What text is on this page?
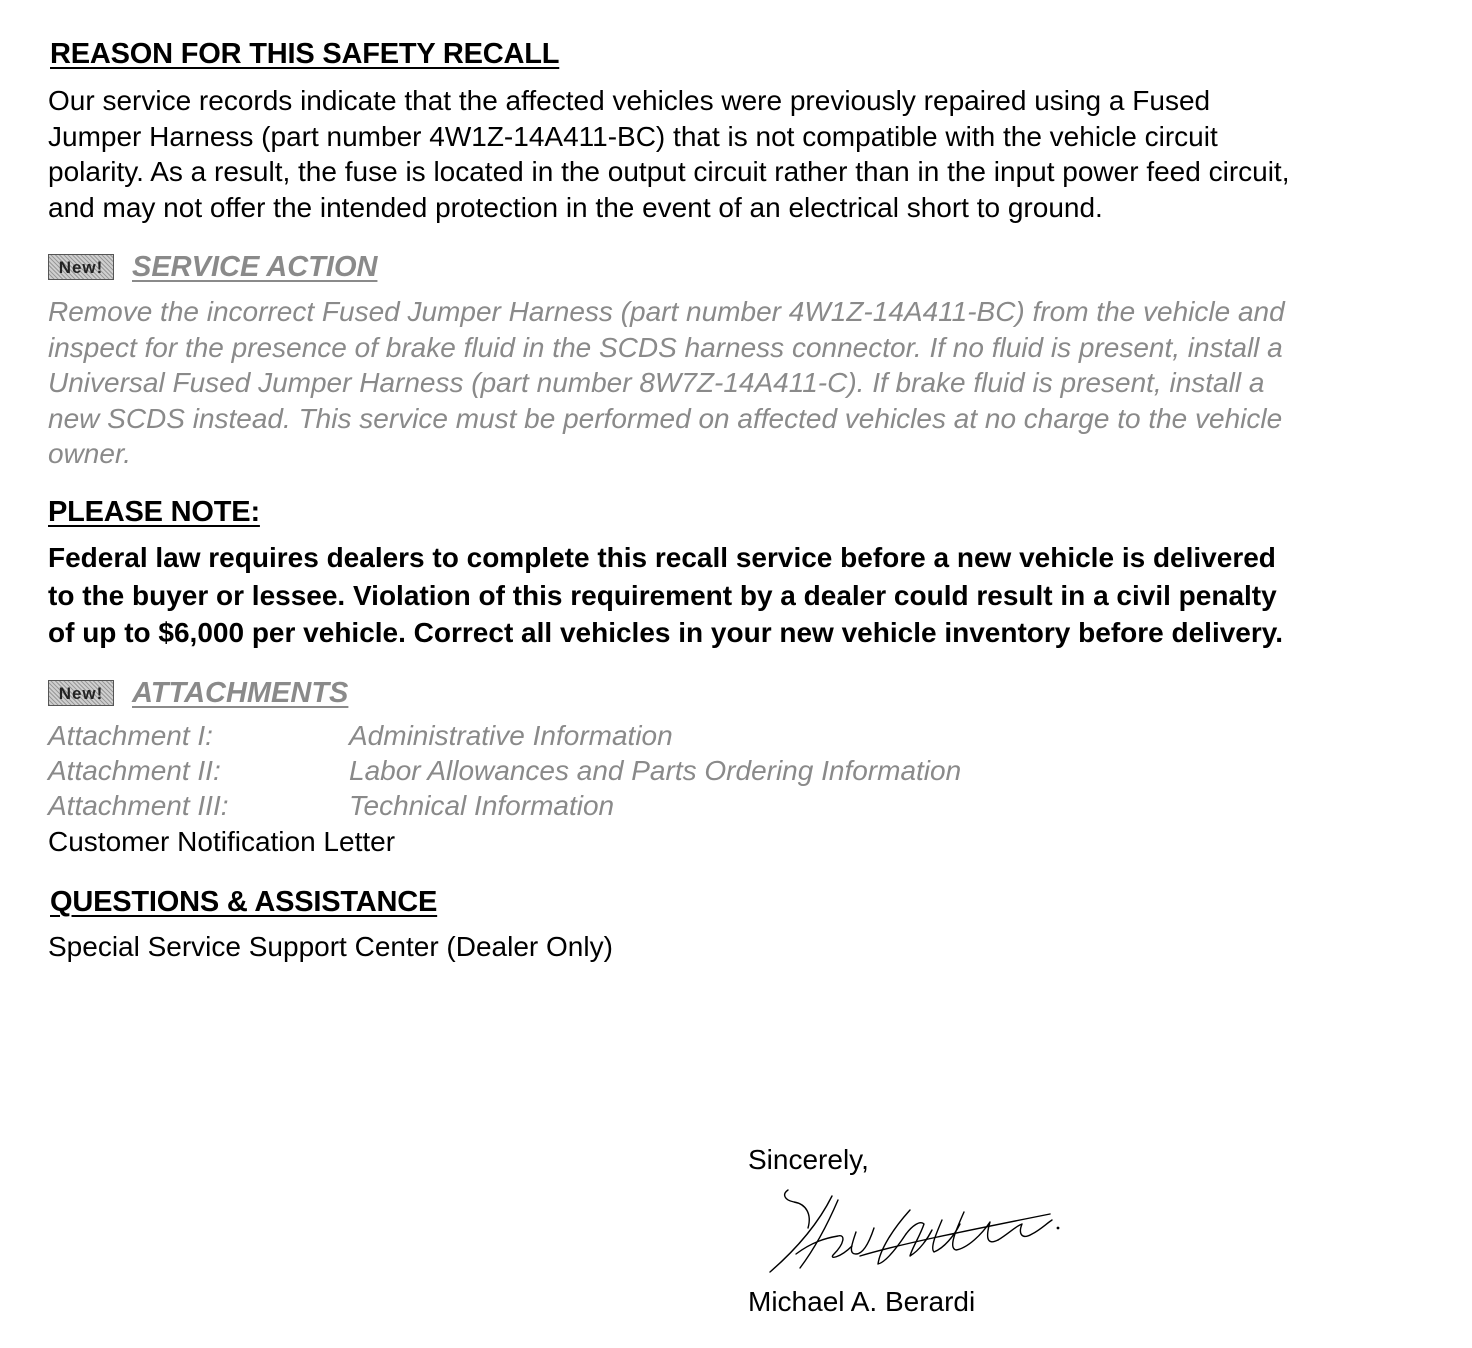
REASON FOR THIS SAFETY RECALL
Our service records indicate that the affected vehicles were previously repaired using a Fused
Jumper Harness (part number 4W1Z-14A411-BC) that is not compatible with the vehicle circuit
polarity. As a result, the fuse is located in the output circuit rather than in the input power feed circuit,
and may not offer the intended protection in the event of an electrical short to ground.
New! SERVICE ACTION
Remove the incorrect Fused Jumper Harness (part number 4W1Z-14A411-BC) from the vehicle and
inspect for the presence of brake fluid in the SCDS harness connector. If no fluid is present, install a
Universal Fused Jumper Harness (part number 8W7Z-14A411-C). If brake fluid is present, install a
new SCDS instead. This service must be performed on affected vehicles at no charge to the vehicle
owner.
PLEASE NOTE:
Federal law requires dealers to complete this recall service before a new vehicle is delivered
to the buyer or lessee. Violation of this requirement by a dealer could result in a civil penalty
of up to $6,000 per vehicle. Correct all vehicles in your new vehicle inventory before delivery.
New! ATTACHMENTS
Attachment I:	Administrative Information
Attachment II:	Labor Allowances and Parts Ordering Information
Attachment III:	Technical Information
Customer Notification Letter
QUESTIONS & ASSISTANCE
Special Service Support Center (Dealer Only)
Sincerely,
Michael A. Berardi
